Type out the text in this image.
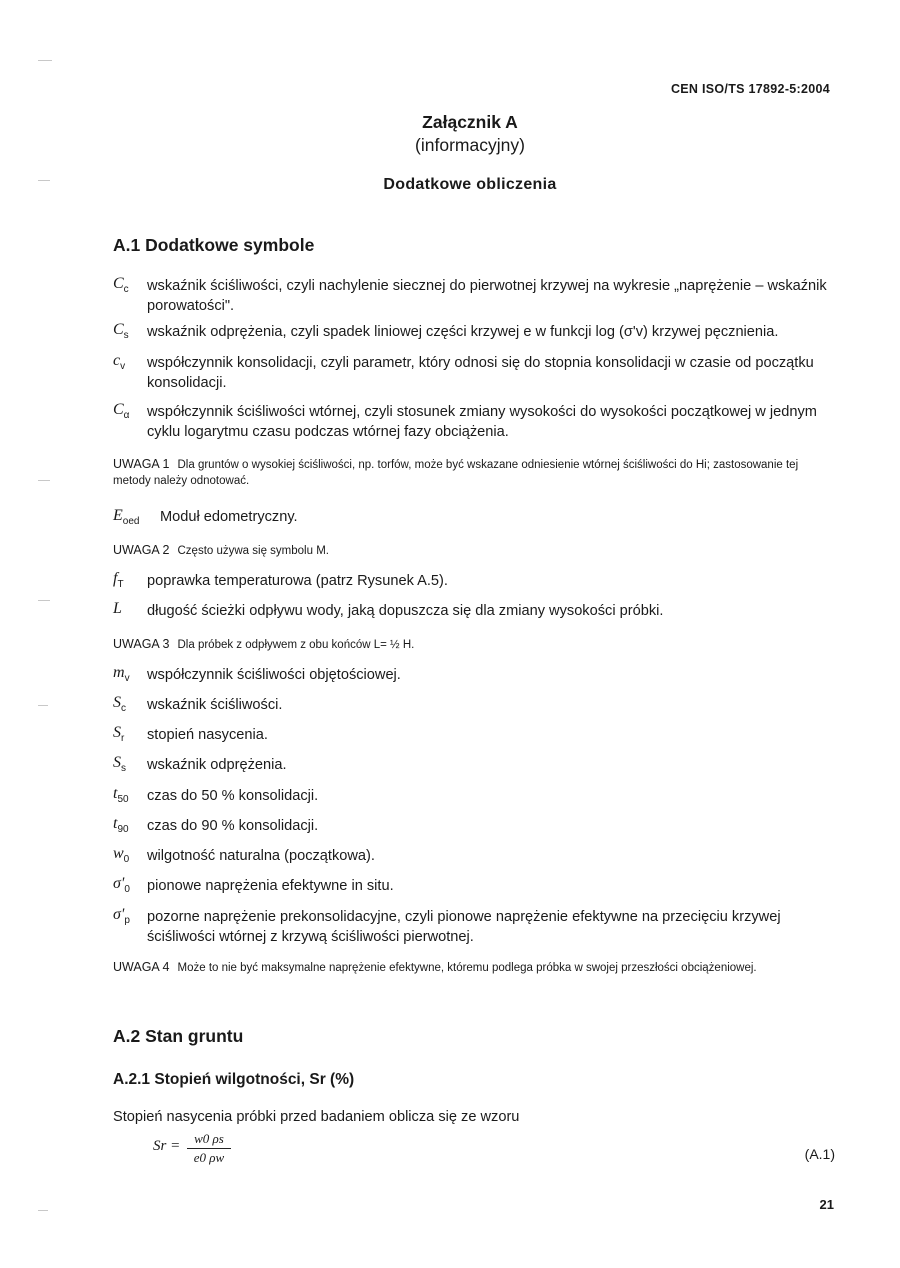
CEN ISO/TS 17892-5:2004
Załącznik A
(informacyjny)
Dodatkowe obliczenia
A.1 Dodatkowe symbole
$C_c$ wskaźnik ściśliwości, czyli nachylenie siecznej do pierwotnej krzywej na wykresie „naprężenie – wskaźnik porowatości".
$C_s$ wskaźnik odprężenia, czyli spadek liniowej części krzywej e w funkcji log (σ'v) krzywej pęcznienia.
$c_v$ współczynnik konsolidacji, czyli parametr, który odnosi się do stopnia konsolidacji w czasie od początku konsolidacji.
$C_\alpha$ współczynnik ściśliwości wtórnej, czyli stosunek zmiany wysokości do wysokości początkowej w jednym cyklu logarytmu czasu podczas wtórnej fazy obciążenia.
UWAGA 1 Dla gruntów o wysokiej ściśliwości, np. torfów, może być wskazane odniesienie wtórnej ściśliwości do Hi; zastosowanie tej metody należy odnotować.
$E_{oed}$ Moduł edometryczny.
UWAGA 2 Często używa się symbolu M.
$f_T$ poprawka temperaturowa (patrz Rysunek A.5).
L długość ścieżki odpływu wody, jaką dopuszcza się dla zmiany wysokości próbki.
UWAGA 3 Dla próbek z odpływem z obu końców L= ½ H.
$m_v$ współczynnik ściśliwości objętościowej.
$S_c$ wskaźnik ściśliwości.
$S_r$ stopień nasycenia.
$S_s$ wskaźnik odprężenia.
$t_{50}$ czas do 50 % konsolidacji.
$t_{90}$ czas do 90 % konsolidacji.
$w_0$ wilgotność naturalna (początkowa).
$\sigma'_0$ pionowe naprężenia efektywne in situ.
$\sigma'_p$ pozorne naprężenie prekonsolidacyjne, czyli pionowe naprężenie efektywne na przecięciu krzywej ściśliwości wtórnej z krzywą ściśliwości pierwotnej.
UWAGA 4 Może to nie być maksymalne naprężenie efektywne, któremu podlega próbka w swojej przeszłości obciążeniowej.
A.2 Stan gruntu
A.2.1 Stopień wilgotności, Sr (%)
Stopień nasycenia próbki przed badaniem oblicza się ze wzoru
$Sr = \frac{w0 \rho s}{e0 \rho w}$	(A.1)
21
